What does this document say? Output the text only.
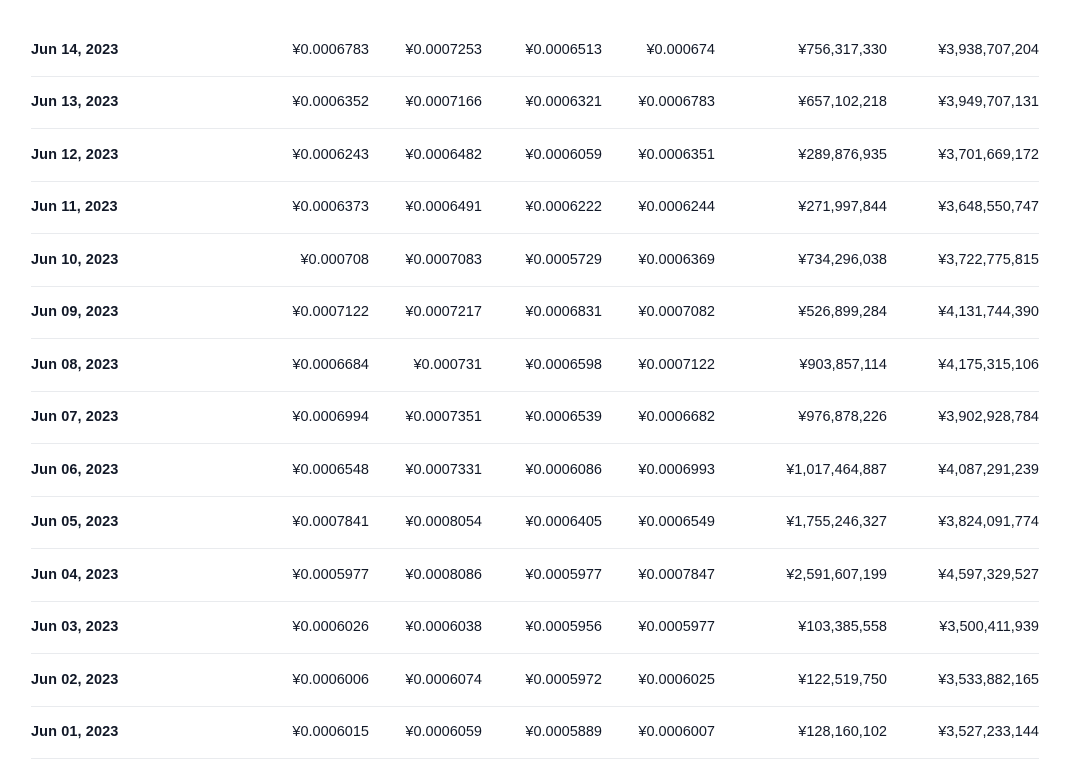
Jun 14, 2023	¥0.0006783	¥0.0007253	¥0.0006513	¥0.000674	¥756,317,330	¥3,938,707,204
Jun 13, 2023	¥0.0006352	¥0.0007166	¥0.0006321	¥0.0006783	¥657,102,218	¥3,949,707,131
Jun 12, 2023	¥0.0006243	¥0.0006482	¥0.0006059	¥0.0006351	¥289,876,935	¥3,701,669,172
Jun 11, 2023	¥0.0006373	¥0.0006491	¥0.0006222	¥0.0006244	¥271,997,844	¥3,648,550,747
Jun 10, 2023	¥0.000708	¥0.0007083	¥0.0005729	¥0.0006369	¥734,296,038	¥3,722,775,815
Jun 09, 2023	¥0.0007122	¥0.0007217	¥0.0006831	¥0.0007082	¥526,899,284	¥4,131,744,390
Jun 08, 2023	¥0.0006684	¥0.000731	¥0.0006598	¥0.0007122	¥903,857,114	¥4,175,315,106
Jun 07, 2023	¥0.0006994	¥0.0007351	¥0.0006539	¥0.0006682	¥976,878,226	¥3,902,928,784
Jun 06, 2023	¥0.0006548	¥0.0007331	¥0.0006086	¥0.0006993	¥1,017,464,887	¥4,087,291,239
Jun 05, 2023	¥0.0007841	¥0.0008054	¥0.0006405	¥0.0006549	¥1,755,246,327	¥3,824,091,774
Jun 04, 2023	¥0.0005977	¥0.0008086	¥0.0005977	¥0.0007847	¥2,591,607,199	¥4,597,329,527
Jun 03, 2023	¥0.0006026	¥0.0006038	¥0.0005956	¥0.0005977	¥103,385,558	¥3,500,411,939
Jun 02, 2023	¥0.0006006	¥0.0006074	¥0.0005972	¥0.0006025	¥122,519,750	¥3,533,882,165
Jun 01, 2023	¥0.0006015	¥0.0006059	¥0.0005889	¥0.0006007	¥128,160,102	¥3,527,233,144
